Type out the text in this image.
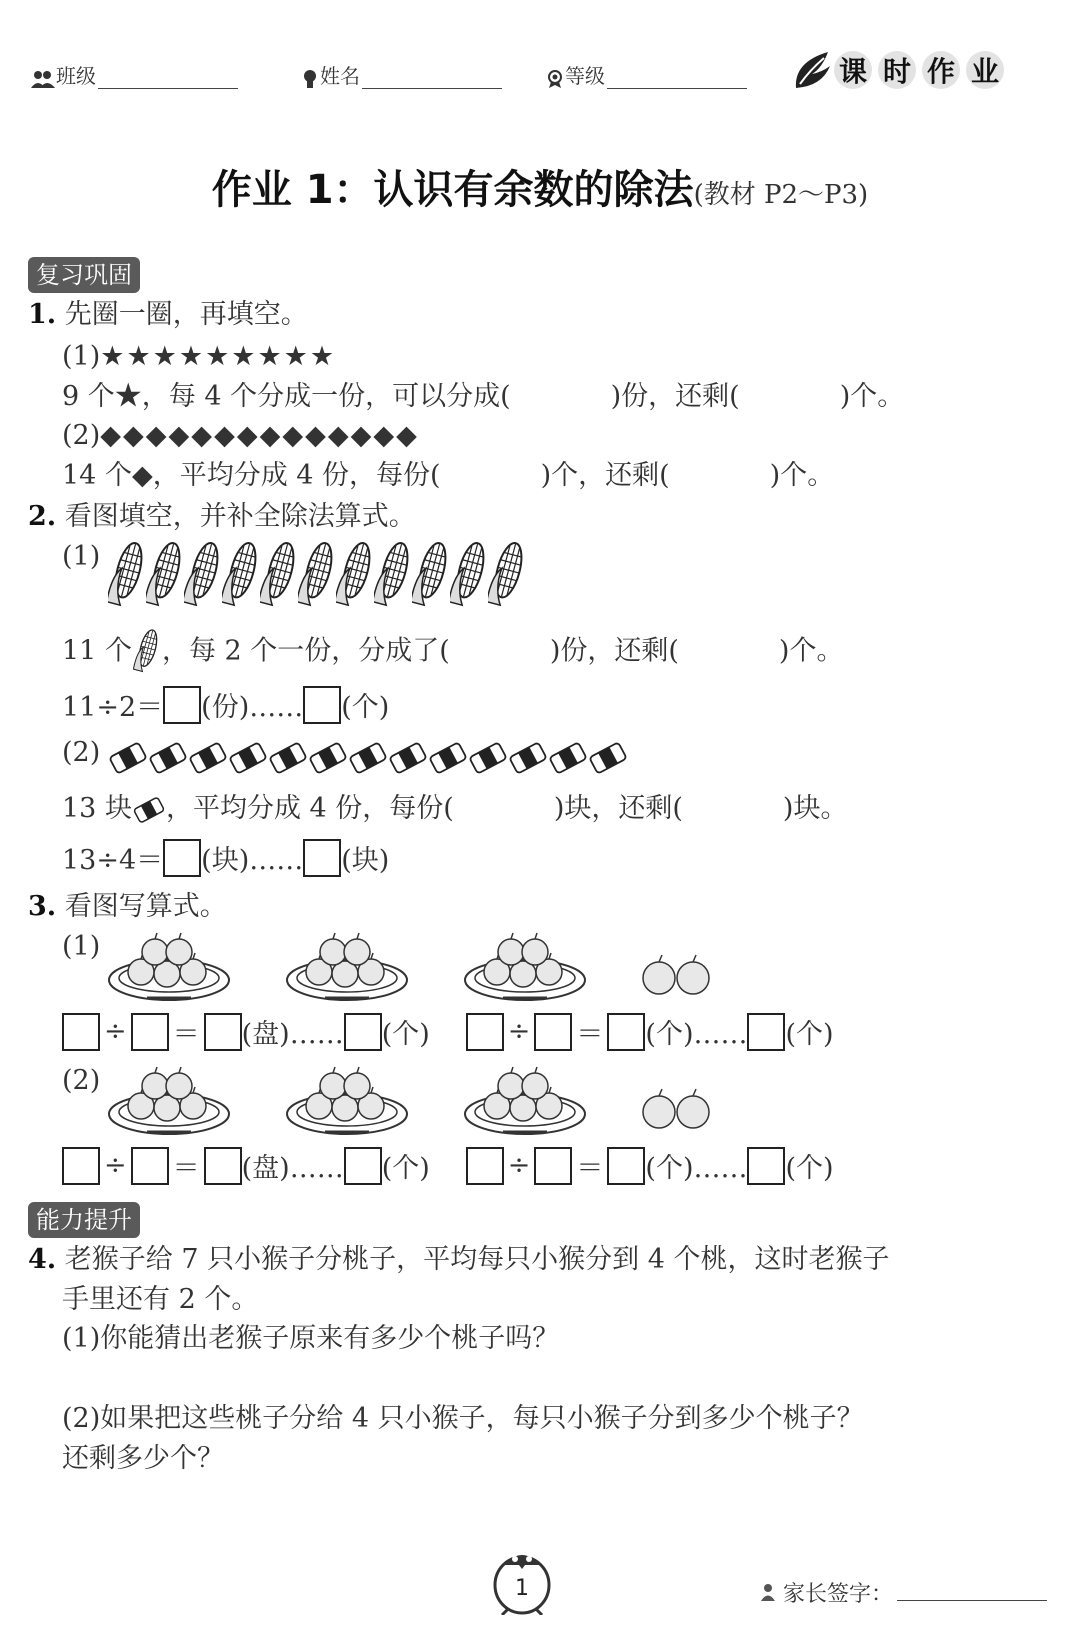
班级	姓名	等级	课 时 作 业
作业 1：认识有余数的除法(教材 P2～P3)
复习巩固
1. 先圈一圈，再填空。
(1)★★★★★★★★★
9 个★，每 4 个分成一份，可以分成(	)份，还剩(	)个。
(2)◆◆◆◆◆◆◆◆◆◆◆◆◆◆
14 个◆，平均分成 4 份，每份(	)个，还剩(	)个。
2. 看图填空，并补全除法算式。
(1)
11 个 ，每 2 个一份，分成了(	)份，还剩(	)个。
11÷2＝ (份)…… (个)
(2)
13 块 ，平均分成 4 份，每份(	)块，还剩(	)块。
13÷4＝ (块)…… (块)
3. 看图写算式。
(1)
÷ ＝ (盘)…… (个)	÷ ＝ (个)…… (个)
(2)
÷ ＝ (盘)…… (个)	÷ ＝ (个)…… (个)
能力提升
4. 老猴子给 7 只小猴子分桃子，平均每只小猴分到 4 个桃，这时老猴子
手里还有 2 个。
(1)你能猜出老猴子原来有多少个桃子吗？
(2)如果把这些桃子分给 4 只小猴子，每只小猴子分到多少个桃子？
还剩多少个？
1	家长签字：
